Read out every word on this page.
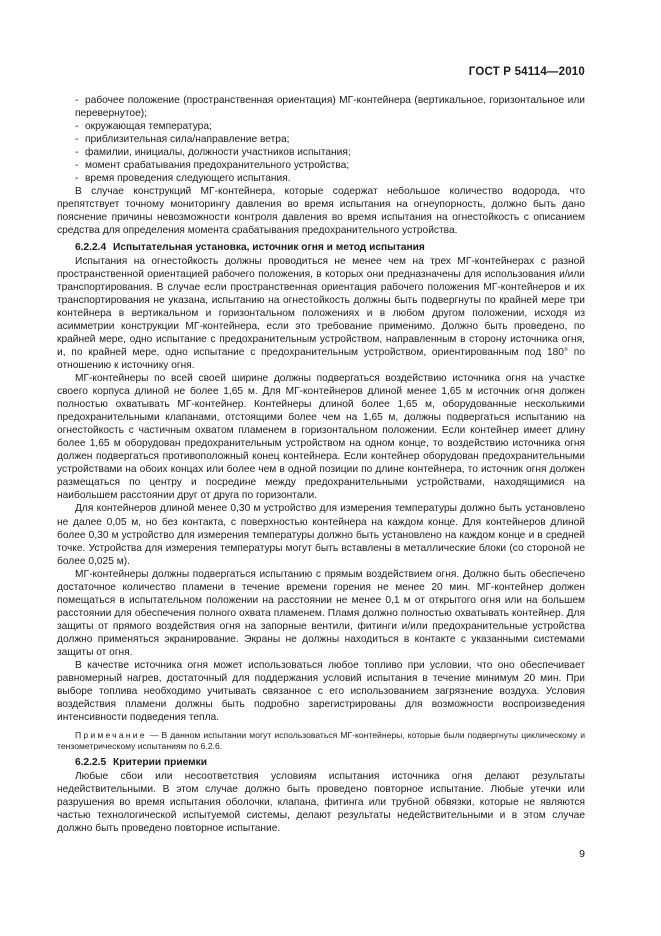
ГОСТ Р 54114—2010
- рабочее положение (пространственная ориентация) МГ-контейнера (вертикальное, горизонтальное или перевернутое);
- окружающая температура;
- приблизительная сила/направление ветра;
- фамилии, инициалы, должности участников испытания;
- момент срабатывания предохранительного устройства;
- время проведения следующего испытания.

В случае конструкций МГ-контейнера, которые содержат небольшое количество водорода, что препятствует точному мониторингу давления во время испытания на огнеупорность, должно быть дано пояснение причины невозможности контроля давления во время испытания на огнестойкость с описанием средства для определения момента срабатывания предохранительного устройства.

6.2.2.4 Испытательная установка, источник огня и метод испытания

Испытания на огнестойкость должны проводиться не менее чем на трех МГ-контейнерах с разной пространственной ориентацией рабочего положения, в которых они предназначены для использования и/или транспортирования. В случае если пространственная ориентация рабочего положения МГ-контейнеров и их транспортирования не указана, испытанию на огнестойкость должны быть подвергнуты по крайней мере три контейнера в вертикальном и горизонтальном положениях и в любом другом положении, исходя из асимметрии конструкции МГ-контейнера, если это требование применимо. Должно быть проведено, по крайней мере, одно испытание с предохранительным устройством, направленным в сторону источника огня, и, по крайней мере, одно испытание с предохранительным устройством, ориентированным под 180° по отношению к источнику огня.

МГ-контейнеры по всей своей ширине должны подвергаться воздействию источника огня на участке своего корпуса длиной не более 1,65 м. Для МГ-контейнеров длиной менее 1,65 м источник огня должен полностью охватывать МГ-контейнер. Контейнеры длиной более 1,65 м, оборудованные несколькими предохранительными клапанами, отстоящими более чем на 1,65 м, должны подвергаться испытанию на огнестойкость с частичным охватом пламенем в горизонтальном положении. Если контейнер имеет длину более 1,65 м оборудован предохранительным устройством на одном конце, то воздействию источника огня должен подвергаться противоположный конец контейнера. Если контейнер оборудован предохранительными устройствами на обоих концах или более чем в одной позиции по длине контейнера, то источник огня должен размещаться по центру и посредине между предохранительными устройствами, находящимися на наибольшем расстоянии друг от друга по горизонтали.

Для контейнеров длиной менее 0,30 м устройство для измерения температуры должно быть установлено не далее 0,05 м, но без контакта, с поверхностью контейнера на каждом конце. Для контейнеров длиной более 0,30 м устройство для измерения температуры должно быть установлено на каждом конце и в средней точке. Устройства для измерения температуры могут быть вставлены в металлические блоки (со стороной не более 0,025 м).

МГ-контейнеры должны подвергаться испытанию с прямым воздействием огня. Должно быть обеспечено достаточное количество пламени в течение времени горения не менее 20 мин. МГ-контейнер должен помещаться в испытательном положении на расстоянии не менее 0,1 м от открытого огня или на большем расстоянии для обеспечения полного охвата пламенем. Пламя должно полностью охватывать контейнер. Для защиты от прямого воздействия огня на запорные вентили, фитинги и/или предохранительные устройства должно применяться экранирование. Экраны не должны находиться в контакте с указанными системами защиты от огня.

В качестве источника огня может использоваться любое топливо при условии, что оно обеспечивает равномерный нагрев, достаточный для поддержания условий испытания в течение минимум 20 мин. При выборе топлива необходимо учитывать связанное с его использованием загрязнение воздуха. Условия воздействия пламени должны быть подробно зарегистрированы для возможности воспроизведения интенсивности подведения тепла.

Примечание — В данном испытании могут использоваться МГ-контейнеры, которые были подвергнуты циклическому и тензометрическому испытаниям по 6.2.6.
6.2.2.5 Критерии приемки

Любые сбои или несоответствия условиям испытания источника огня делают результаты недействительными. В этом случае должно быть проведено повторное испытание. Любые утечки или разрушения во время испытания оболочки, клапана, фитинга или трубной обвязки, которые не являются частью технологической испытуемой системы, делают результаты недействительными и в этом случае должно быть проведено повторное испытание.

9
